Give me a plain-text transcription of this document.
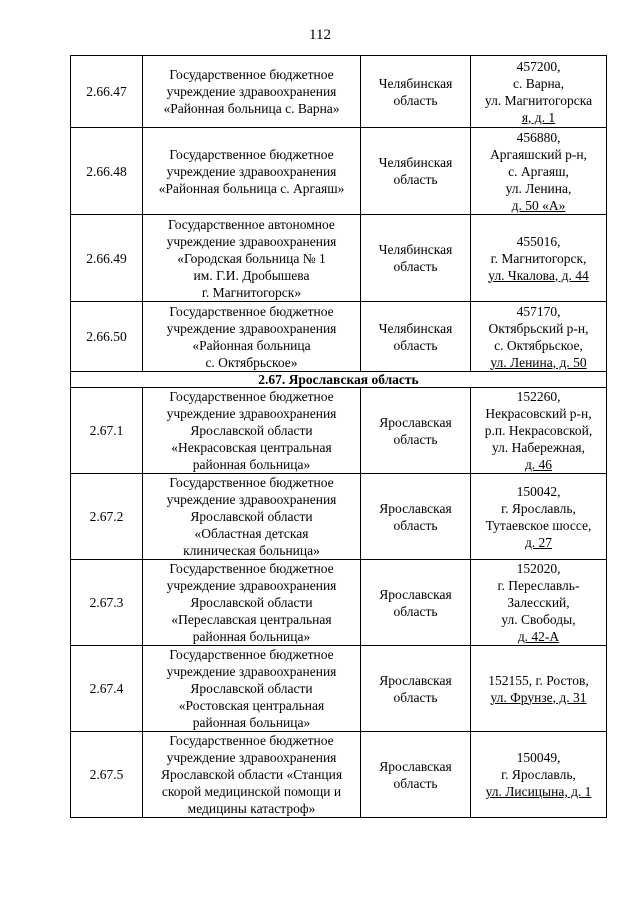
112
2.66.47	Государственное бюджетное
учреждение здравоохранения
«Районная больница с. Варна»	Челябинская
область	457200,
с. Варна,
ул. Магнитогорска
я, д. 1

2.66.48	Государственное бюджетное
учреждение здравоохранения
«Районная больница с. Аргаяш»	Челябинская
область	456880,
Аргаяшский р-н,
с. Аргаяш,
ул. Ленина,
д. 50 «А»

2.66.49	Государственное автономное
учреждение здравоохранения
«Городская больница № 1
им. Г.И. Дробышева
г. Магнитогорск»	Челябинская
область	455016,
г. Магнитогорск,
ул. Чкалова, д. 44

2.66.50	Государственное бюджетное
учреждение здравоохранения
«Районная больница
с. Октябрьское»	Челябинская
область	457170,
Октябрьский р-н,
с. Октябрьское,
ул. Ленина, д. 50

2.67. Ярославская область			
2.67.1	Государственное бюджетное
учреждение здравоохранения
Ярославской области
«Некрасовская центральная
районная больница»	Ярославская
область	152260,
Некрасовский р-н,
р.п. Некрасовской,
ул. Набережная,
д. 46

2.67.2	Государственное бюджетное
учреждение здравоохранения
Ярославской области
«Областная детская
клиническая больница»	Ярославская
область	150042,
г. Ярославль,
Тутаевское шоссе,
д. 27

2.67.3	Государственное бюджетное
учреждение здравоохранения
Ярославской области
«Переславская центральная
районная больница»	Ярославская
область	152020,
г. Переславль-
Залесский,
ул. Свободы,
д. 42-А

2.67.4	Государственное бюджетное
учреждение здравоохранения
Ярославской области
«Ростовская центральная
районная больница»	Ярославская
область	152155, г. Ростов,
ул. Фрунзе, д. 31

2.67.5	Государственное бюджетное
учреждение здравоохранения
Ярославской области «Станция
скорой медицинской помощи и
медицины катастроф»	Ярославская
область	150049,
г. Ярославль,
ул. Лисицына, д. 1
